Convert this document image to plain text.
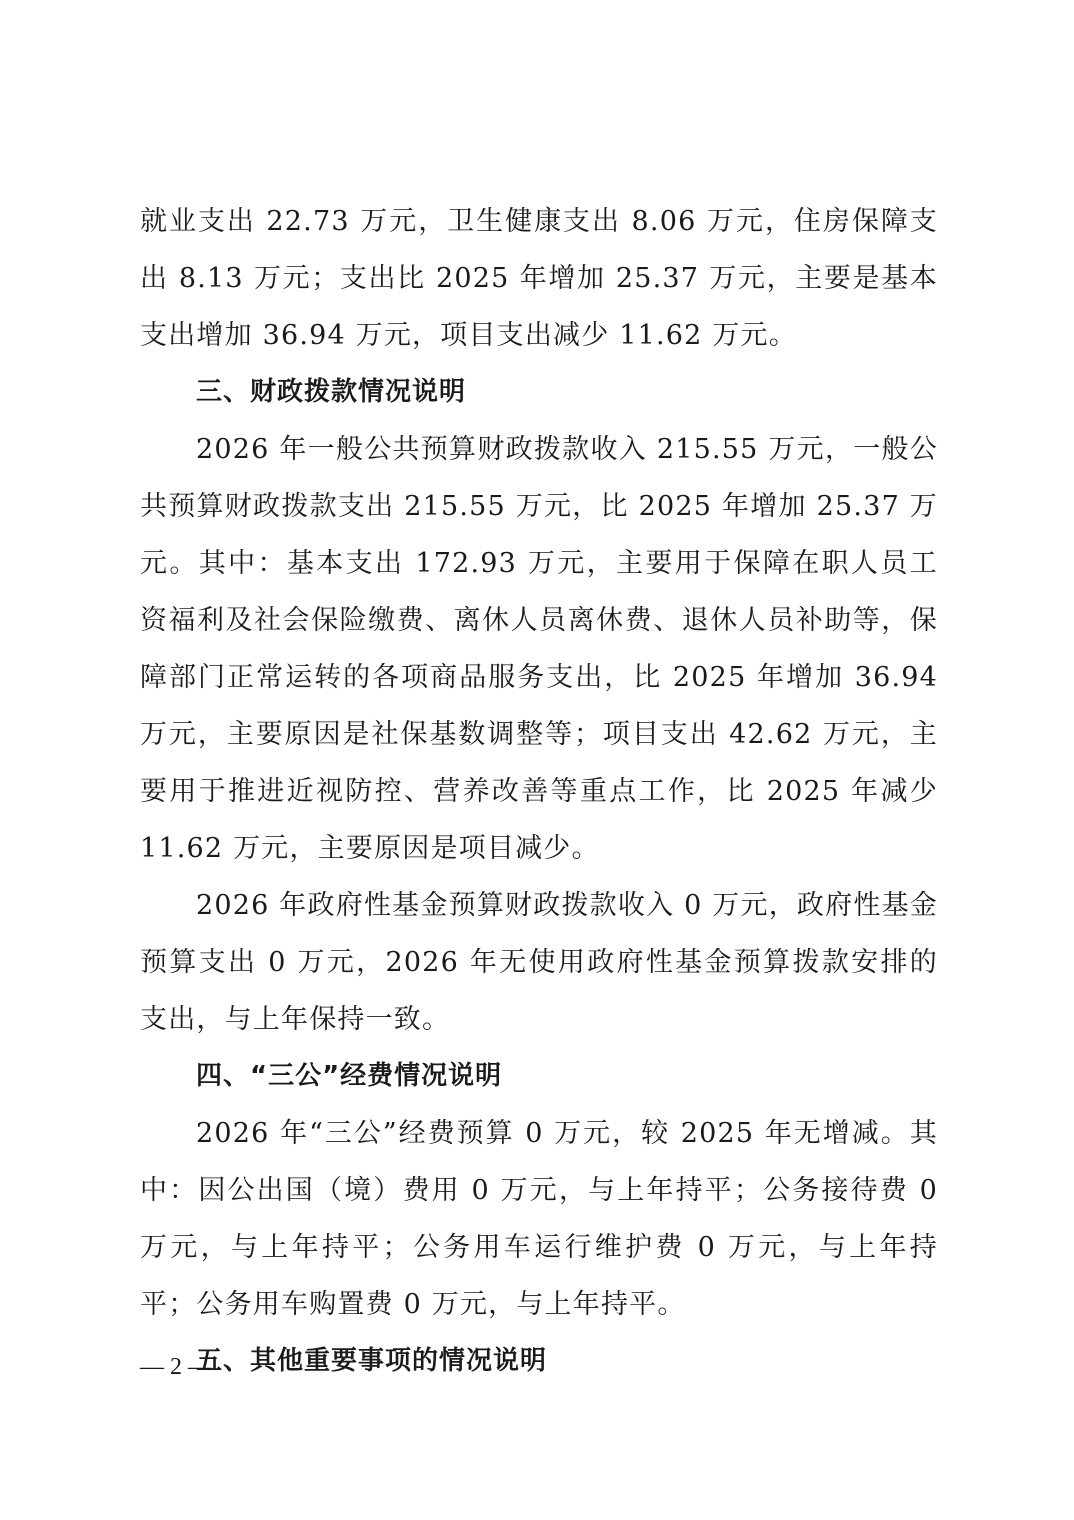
就业支出 22.73 万元，卫生健康支出 8.06 万元，住房保障支出 8.13 万元；支出比 2025 年增加 25.37 万元，主要是基本支出增加 36.94 万元，项目支出减少 11.62 万元。

三、财政拨款情况说明

2026 年一般公共预算财政拨款收入 215.55 万元，一般公共预算财政拨款支出 215.55 万元，比 2025 年增加 25.37 万元。其中：基本支出 172.93 万元，主要用于保障在职人员工资福利及社会保险缴费、离休人员离休费、退休人员补助等，保障部门正常运转的各项商品服务支出，比 2025 年增加 36.94 万元，主要原因是社保基数调整等；项目支出 42.62 万元，主要用于推进近视防控、营养改善等重点工作，比 2025 年减少 11.62 万元，主要原因是项目减少。

2026 年政府性基金预算财政拨款收入 0 万元，政府性基金预算支出 0 万元，2026 年无使用政府性基金预算拨款安排的支出，与上年保持一致。

四、“三公”经费情况说明

2026 年“三公”经费预算 0 万元，较 2025 年无增减。其中：因公出国（境）费用 0 万元，与上年持平；公务接待费 0 万元，与上年持平；公务用车运行维护费 0 万元，与上年持平；公务用车购置费 0 万元，与上年持平。

五、其他重要事项的情况说明
— 2 —
